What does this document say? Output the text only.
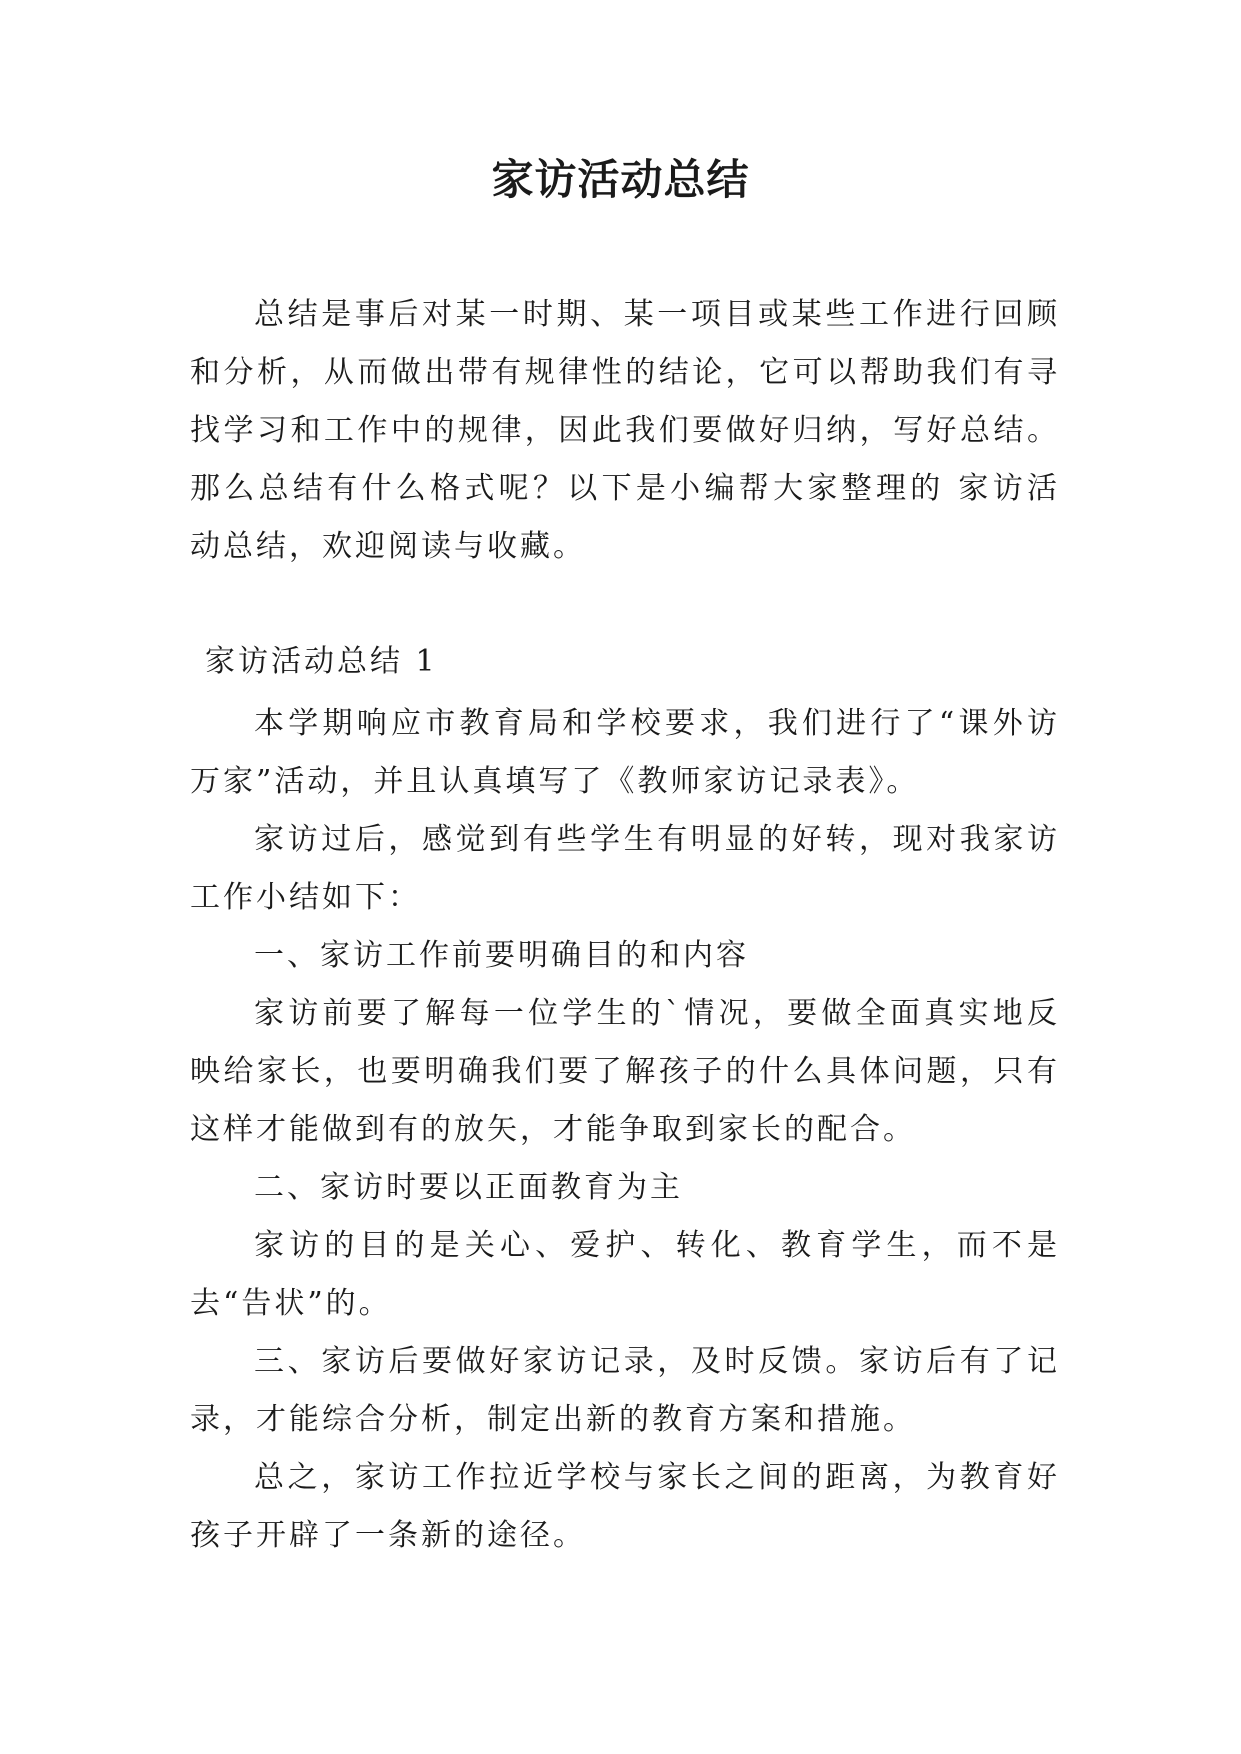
家访活动总结

总结是事后对某一时期、某一项目或某些工作进行回顾和分析，从而做出带有规律性的结论，它可以帮助我们有寻找学习和工作中的规律，因此我们要做好归纳，写好总结。那么总结有什么格式呢？以下是小编帮大家整理的 家访活动总结，欢迎阅读与收藏。

家访活动总结 1

本学期响应市教育局和学校要求，我们进行了“课外访万家”活动，并且认真填写了《教师家访记录表》。

家访过后，感觉到有些学生有明显的好转，现对我家访工作小结如下：

一、家访工作前要明确目的和内容

家访前要了解每一位学生的`情况，要做全面真实地反映给家长，也要明确我们要了解孩子的什么具体问题，只有这样才能做到有的放矢，才能争取到家长的配合。

二、家访时要以正面教育为主

家访的目的是关心、爱护、转化、教育学生，而不是去“告状”的。

三、家访后要做好家访记录，及时反馈。家访后有了记录，才能综合分析，制定出新的教育方案和措施。

总之，家访工作拉近学校与家长之间的距离，为教育好孩子开辟了一条新的途径。
